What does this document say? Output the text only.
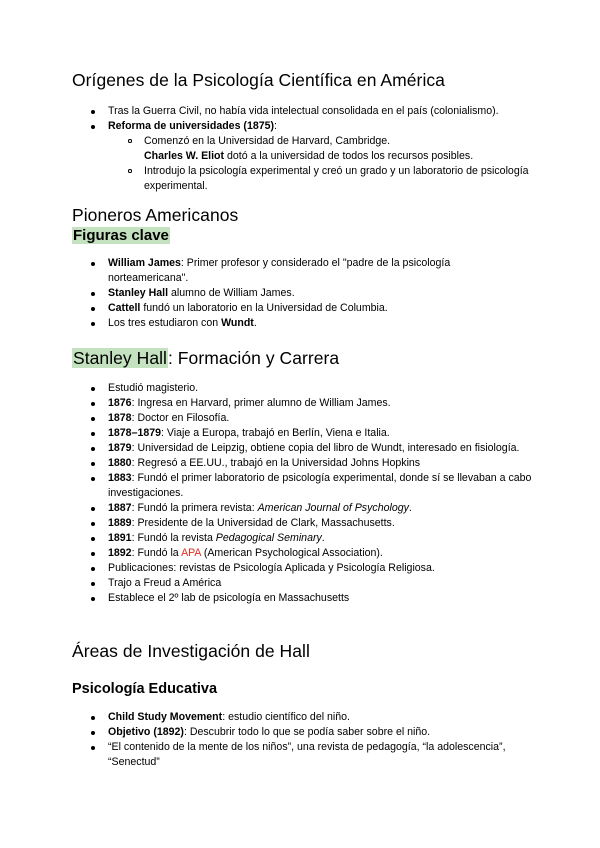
Orígenes de la Psicología Científica en América
Tras la Guerra Civil, no había vida intelectual consolidada en el país (colonialismo).
Reforma de universidades (1875):
Comenzó en la Universidad de Harvard, Cambridge.
Charles W. Eliot dotó a la universidad de todos los recursos posibles.
Introdujo la psicología experimental y creó un grado y un laboratorio de psicología experimental.
Pioneros Americanos
Figuras clave
William James: Primer profesor y considerado el "padre de la psicología norteamericana".
Stanley Hall alumno de William James.
Cattell fundó un laboratorio en la Universidad de Columbia.
Los tres estudiaron con Wundt.
Stanley Hall: Formación y Carrera
Estudió magisterio.
1876: Ingresa en Harvard, primer alumno de William James.
1878: Doctor en Filosofía.
1878–1879: Viaje a Europa, trabajó en Berlín, Viena e Italia.
1879: Universidad de Leipzig, obtiene copia del libro de Wundt, interesado en fisiología.
1880: Regresó a EE.UU., trabajó en la Universidad Johns Hopkins
1883: Fundó el primer laboratorio de psicología experimental, donde sí se llevaban a cabo investigaciones.
1887: Fundó la primera revista: American Journal of Psychology.
1889: Presidente de la Universidad de Clark, Massachusetts.
1891: Fundó la revista Pedagogical Seminary.
1892: Fundó la APA (American Psychological Association).
Publicaciones: revistas de Psicología Aplicada y Psicología Religiosa.
Trajo a Freud a América
Establece el 2º lab de psicología en Massachusetts
Áreas de Investigación de Hall
Psicología Educativa
Child Study Movement: estudio científico del niño.
Objetivo (1892): Descubrir todo lo que se podía saber sobre el niño.
“El contenido de la mente de los niños”, una revista de pedagogía, “la adolescencia”, “Senectud”
